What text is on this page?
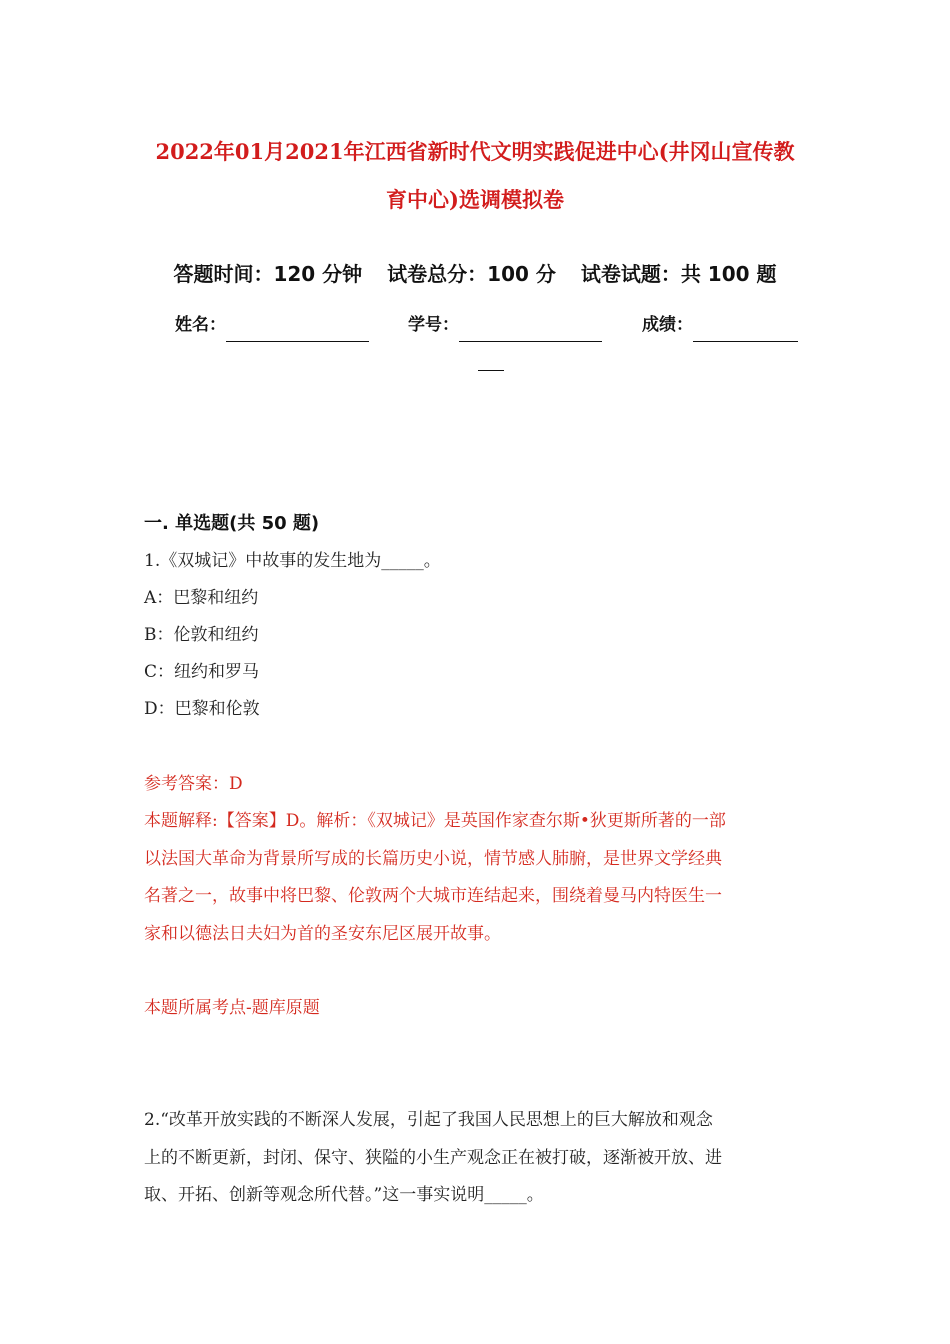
2022年01月2021年江西省新时代文明实践促进中心(井冈山宣传教
育中心)选调模拟卷
答题时间：120 分钟 试卷总分：100 分 试卷试题：共 100 题
姓名：	学号：	成绩：
一. 单选题(共 50 题)
1.《双城记》中故事的发生地为_____。
A：巴黎和纽约
B：伦敦和纽约
C：纽约和罗马
D：巴黎和伦敦
参考答案：D
本题解释:【答案】D。解析：《双城记》是英国作家查尔斯•狄更斯所著的一部
以法国大革命为背景所写成的长篇历史小说，情节感人肺腑，是世界文学经典
名著之一，故事中将巴黎、伦敦两个大城市连结起来，围绕着曼马内特医生一
家和以德法日夫妇为首的圣安东尼区展开故事。
本题所属考点-题库原题
2.“改革开放实践的不断深人发展，引起了我国人民思想上的巨大解放和观念
上的不断更新，封闭、保守、狭隘的小生产观念正在被打破，逐渐被开放、进
取、开拓、创新等观念所代替。”这一事实说明_____。
